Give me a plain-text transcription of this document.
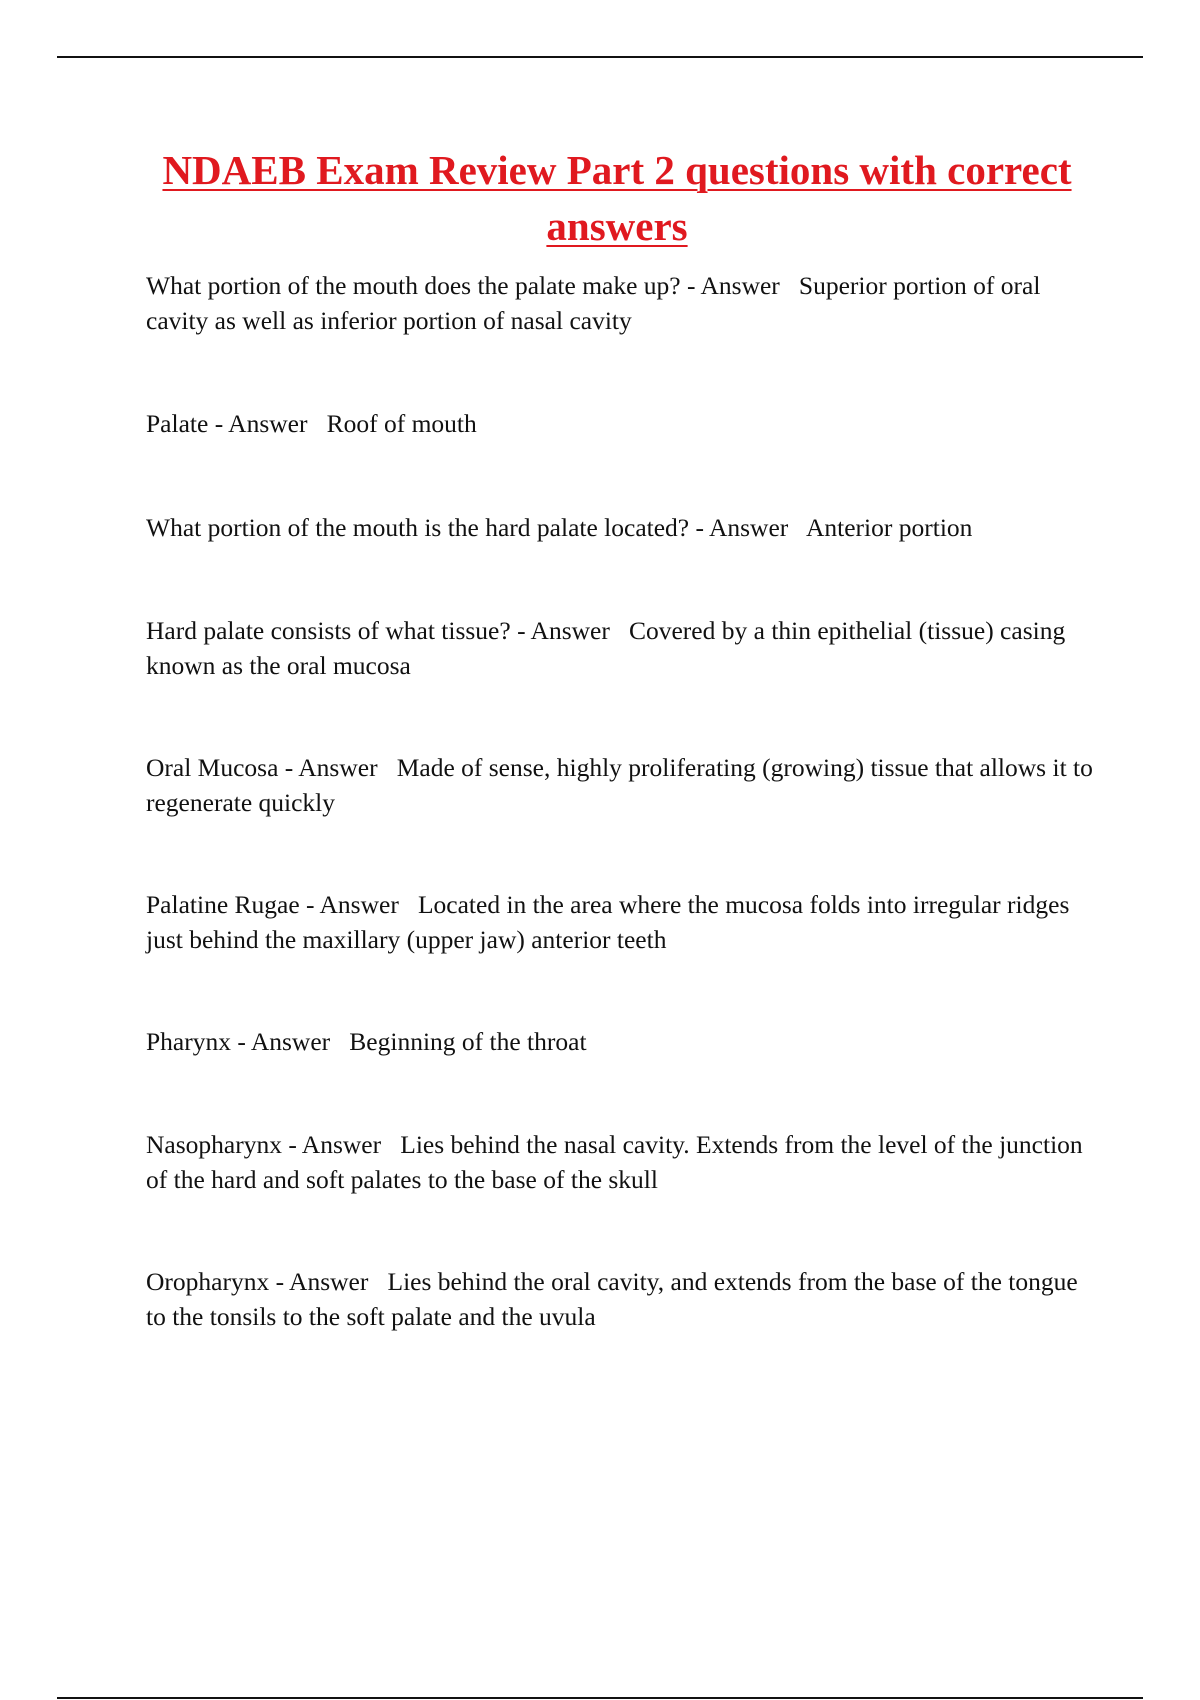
NDAEB Exam Review Part 2 questions with correct answers
What portion of the mouth does the palate make up? - Answer   Superior portion of oral cavity as well as inferior portion of nasal cavity
Palate - Answer   Roof of mouth
What portion of the mouth is the hard palate located? - Answer   Anterior portion
Hard palate consists of what tissue? - Answer   Covered by a thin epithelial (tissue) casing known as the oral mucosa
Oral Mucosa - Answer   Made of sense, highly proliferating (growing) tissue that allows it to regenerate quickly
Palatine Rugae - Answer   Located in the area where the mucosa folds into irregular ridges just behind the maxillary (upper jaw) anterior teeth
Pharynx - Answer   Beginning of the throat
Nasopharynx - Answer   Lies behind the nasal cavity. Extends from the level of the junction of the hard and soft palates to the base of the skull
Oropharynx - Answer   Lies behind the oral cavity, and extends from the base of the tongue to the tonsils to the soft palate and the uvula
